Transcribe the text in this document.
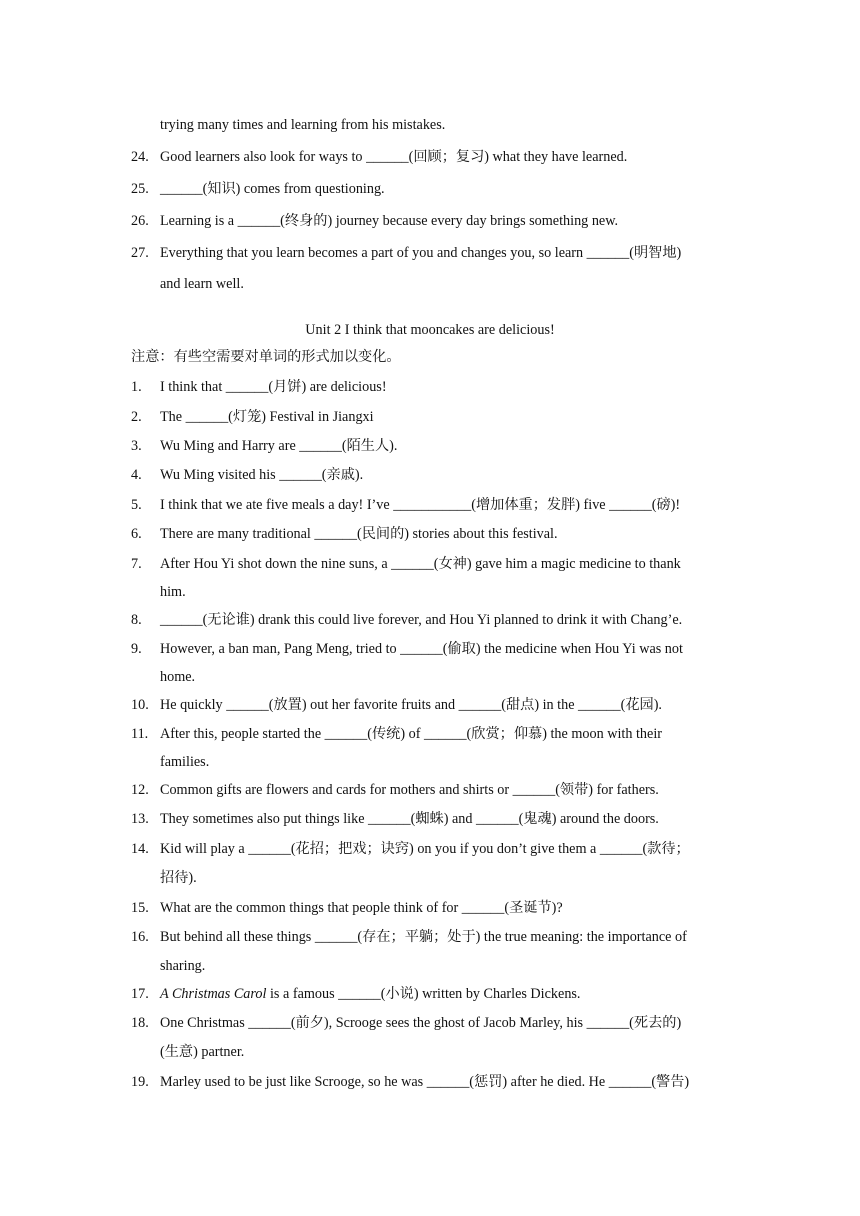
trying many times and learning from his mistakes.
24. Good learners also look for ways to ______(回顾；复习) what they have learned.
25. ______(知识) comes from questioning.
26. Learning is a ______(终身的) journey because every day brings something new.
27. Everything that you learn becomes a part of you and changes you, so learn ______(明智地)
and learn well.
Unit 2 I think that mooncakes are delicious!
注意：有些空需要对单词的形式加以变化。
1. I think that ______(月饼) are delicious!
2. The ______(灯笼) Festival in Jiangxi
3. Wu Ming and Harry are ______(陌生人).
4. Wu Ming visited his ______(亲戚).
5. I think that we ate five meals a day! I’ve ___________(增加体重；发胖) five ______(磅)!
6. There are many traditional ______(民间的) stories about this festival.
7. After Hou Yi shot down the nine suns, a ______(女神) gave him a magic medicine to thank
him.
8. ______(无论谁) drank this could live forever, and Hou Yi planned to drink it with Chang’e.
9. However, a ban man, Pang Meng, tried to ______(偷取) the medicine when Hou Yi was not
home.
10. He quickly ______(放置) out her favorite fruits and ______(甜点) in the ______(花园).
11. After this, people started the ______(传统) of ______(欣赏；仰慕) the moon with their
families.
12. Common gifts are flowers and cards for mothers and shirts or ______(领带) for fathers.
13. They sometimes also put things like ______(蜘蛛) and ______(鬼魂) around the doors.
14. Kid will play a ______(花招；把戏；诀窍) on you if you don’t give them a ______(款待；
招待).
15. What are the common things that people think of for ______(圣诞节)?
16. But behind all these things ______(存在；平躺；处于) the true meaning: the importance of
sharing.
17. A Christmas Carol is a famous ______(小说) written by Charles Dickens.
18. One Christmas ______(前夕), Scrooge sees the ghost of Jacob Marley, his ______(死去的)
(生意) partner.
19. Marley used to be just like Scrooge, so he was ______(惩罚) after he died. He ______(警告)
